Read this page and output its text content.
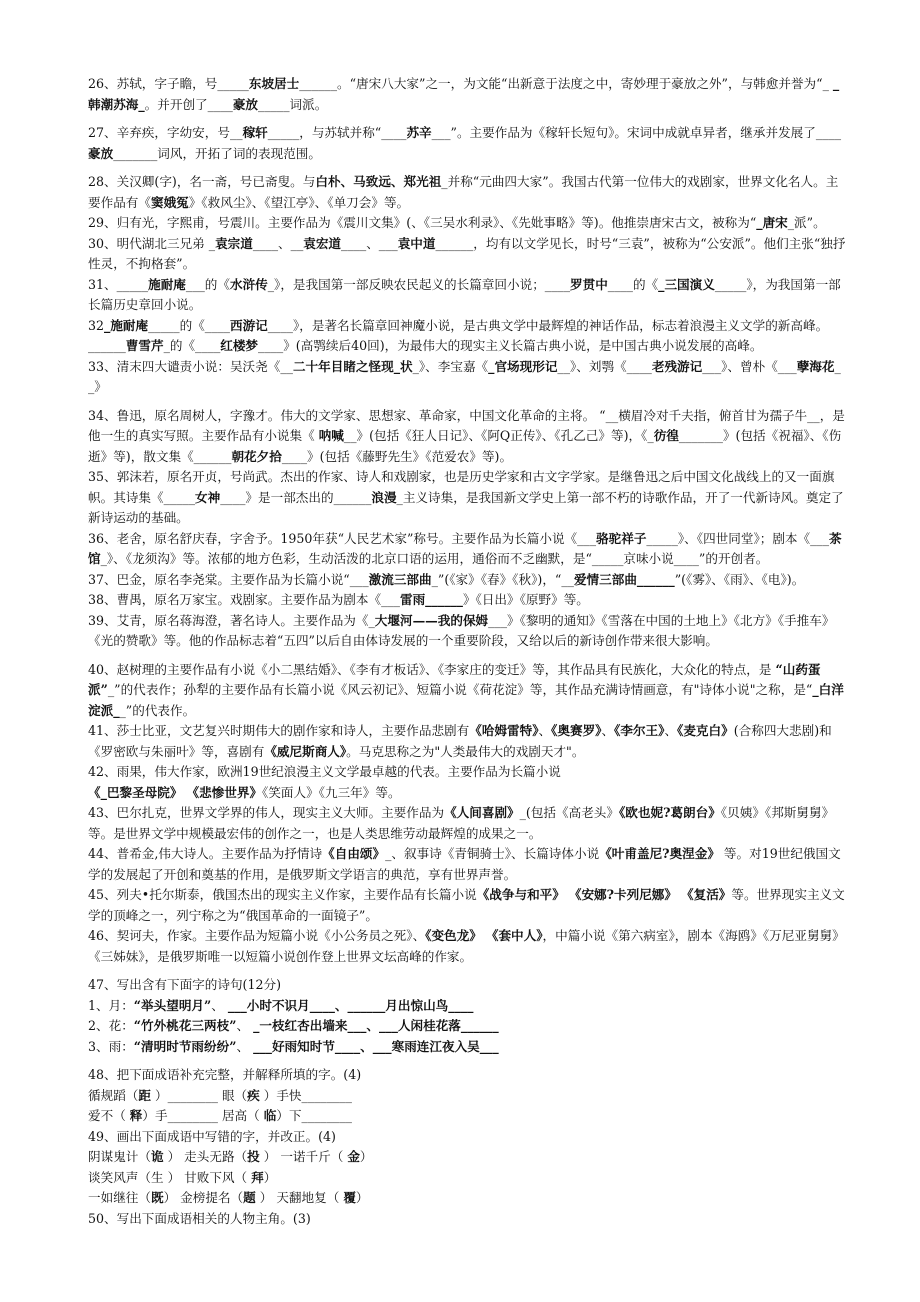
26、苏轼，字子瞻，号_____东坡居士______。“唐宋八大家”之一，为文能“出新意于法度之中，寄妙理于豪放之外”，与韩愈并誉为“_ _韩潮苏海_。并开创了____豪放_____词派。

27、辛弃疾，字幼安，号__稼轩_____，与苏轼并称“____苏辛___”。主要作品为《稼轩长短句》。宋词中成就卓异者，继承并发展了____豪放_______词风，开拓了词的表现范围。

28、关汉卿(字)，名一斋，号已斋叟。与白朴、马致远、郑光祖_并称“元曲四大家”。我国古代第一位伟大的戏剧家，世界文化名人。主要作品有《窦娥冤》《救风尘》、《望江亭》、《单刀会》等。

29、归有光，字熙甫，号震川。主要作品为《震川文集》(、《三吴水利录》、《先妣事略》等)。他推崇唐宋古文，被称为“_唐宋_派”。

30、明代湖北三兄弟 _袁宗道____、__袁宏道____、___袁中道______，均有以文学见长，时号“三袁”，被称为“公安派”。他们主张“独抒性灵，不拘格套”。

31、_____施耐庵___的《水浒传_》，是我国第一部反映农民起义的长篇章回小说；____罗贯中____的《_三国演义_____》，为我国第一部长篇历史章回小说。

32_施耐庵_____的《____西游记____》，是著名长篇章回神魔小说，是古典文学中最辉煌的神话作品，标志着浪漫主义文学的新高峰。

______曹雪芹_的《____红楼梦____》(高鹗续后40回)，为最伟大的现实主义长篇古典小说，是中国古典小说发展的高峰。

33、清末四大谴责小说：吴沃尧《__二十年目睹之怪现_状_》、李宝嘉《_官场现形记__》、刘鹗《____老残游记___》、曾朴《___孽海花__》

34、鲁迅，原名周树人，字豫才。伟大的文学家、思想家、革命家，中国文化革命的主将。 “__横眉冷对千夫指，俯首甘为孺子牛__，是他一生的真实写照。主要作品有小说集《 呐喊__》(包括《狂人日记》、《阿Q正传》、《孔乙己》等)，《_彷徨_______》(包括《祝福》、《伤逝》等)，散文集《______朝花夕拾____》(包括《藤野先生》《范爱农》等)。

35、郭沫若，原名开贞，号尚武。杰出的作家、诗人和戏剧家，也是历史学家和古文字学家。是继鲁迅之后中国文化战线上的又一面旗帜。其诗集《_____女神____》是一部杰出的______浪漫_主义诗集，是我国新文学史上第一部不朽的诗歌作品，开了一代新诗风。奠定了新诗运动的基础。

36、老舍，原名舒庆春，字舍予。1950年获“人民艺术家”称号。主要作品为长篇小说《___骆驼祥子_____》、《四世同堂》；剧本《___茶馆_》、《龙须沟》等。浓郁的地方色彩，生动活泼的北京口语的运用，通俗而不乏幽默，是“_____京味小说____”的开创者。

37、巴金，原名李尧棠。主要作品为长篇小说“___激流三部曲_”(《家》《春》《秋》)，“__爱情三部曲______”(《雾》、《雨》、《电》)。

38、曹禺，原名万家宝。戏剧家。主要作品为剧本《___雷雨______》《日出》《原野》等。

39、艾青，原名蒋海澄，著名诗人。主要作品为《_大堰河——我的保姆___》《黎明的通知》《雪落在中国的土地上》《北方》《手推车》《光的赞歌》等。他的作品标志着“五四”以后自由体诗发展的一个重要阶段，又给以后的新诗创作带来很大影响。

40、赵树理的主要作品有小说《小二黑结婚》、《李有才板话》、《李家庄的变迁》等，其作品具有民族化，大众化的特点，是 “山药蛋派”_”的代表作；孙犁的主要作品有长篇小说《风云初记》、短篇小说《荷花淀》等，其作品充满诗情画意，有"诗体小说"之称，是“_白洋淀派__”的代表作。

41、莎士比亚，文艺复兴时期伟大的剧作家和诗人，主要作品悲剧有《哈姆雷特》、《奥赛罗》、《李尔王》、《麦克白》(合称四大悲剧)和《罗密欧与朱丽叶》等，喜剧有《威尼斯商人》。马克思称之为"人类最伟大的戏剧天才"。

42、雨果，伟大作家，欧洲19世纪浪漫主义文学最卓越的代表。主要作品为长篇小说

《_巴黎圣母院》 《悲惨世界》《笑面人》《九三年》等。

43、巴尔扎克，世界文学界的伟人，现实主义大师。主要作品为《人间喜剧》_(包括《高老头》《欧也妮?葛朗台》《贝姨》《邦斯舅舅》等。是世界文学中规模最宏伟的创作之一，也是人类思维劳动最辉煌的成果之一。

44、普希金,伟大诗人。主要作品为抒情诗《自由颂》_、叙事诗《青铜骑士》、长篇诗体小说《叶甫盖尼?奥涅金》 等。对19世纪俄国文学的发展起了开创和奠基的作用，是俄罗斯文学语言的典范，享有世界声誉。

45、列夫•托尔斯泰，俄国杰出的现实主义作家，主要作品有长篇小说《战争与和平》 《安娜?卡列尼娜》 《复活》等。世界现实主义文学的顶峰之一，列宁称之为“俄国革命的一面镜子”。

46、契诃夫，作家。主要作品为短篇小说《小公务员之死》、《变色龙》 《套中人》，中篇小说《第六病室》，剧本《海鸥》《万尼亚舅舅》《三姊妹》，是俄罗斯唯一以短篇小说创作登上世界文坛高峰的作家。

47、写出含有下面字的诗句(12分)

1、月：“举头望明月”、 ___小时不识月____、______月出惊山鸟____

2、花：“竹外桃花三两枝”、 _一枝红杏出墙来___、___人闲桂花落______

3、雨：“清明时节雨纷纷”、 ___好雨知时节____、___寒雨连江夜入吴___

48、把下面成语补充完整，并解释所填的字。(4)

循规蹈（距 ）________ 眼（疾 ）手快________

爱不（ 释）手________ 居高（ 临）下________

49、画出下面成语中写错的字，并改正。(4)

阴谋鬼计（诡 ） 走头无路（投 ） 一诺千斤（ 金）

谈笑风声（生 ） 甘败下风（ 拜）

一如继往（既） 金榜提名（题 ） 天翻地复（ 覆）

50、写出下面成语相关的人物主角。(3)
